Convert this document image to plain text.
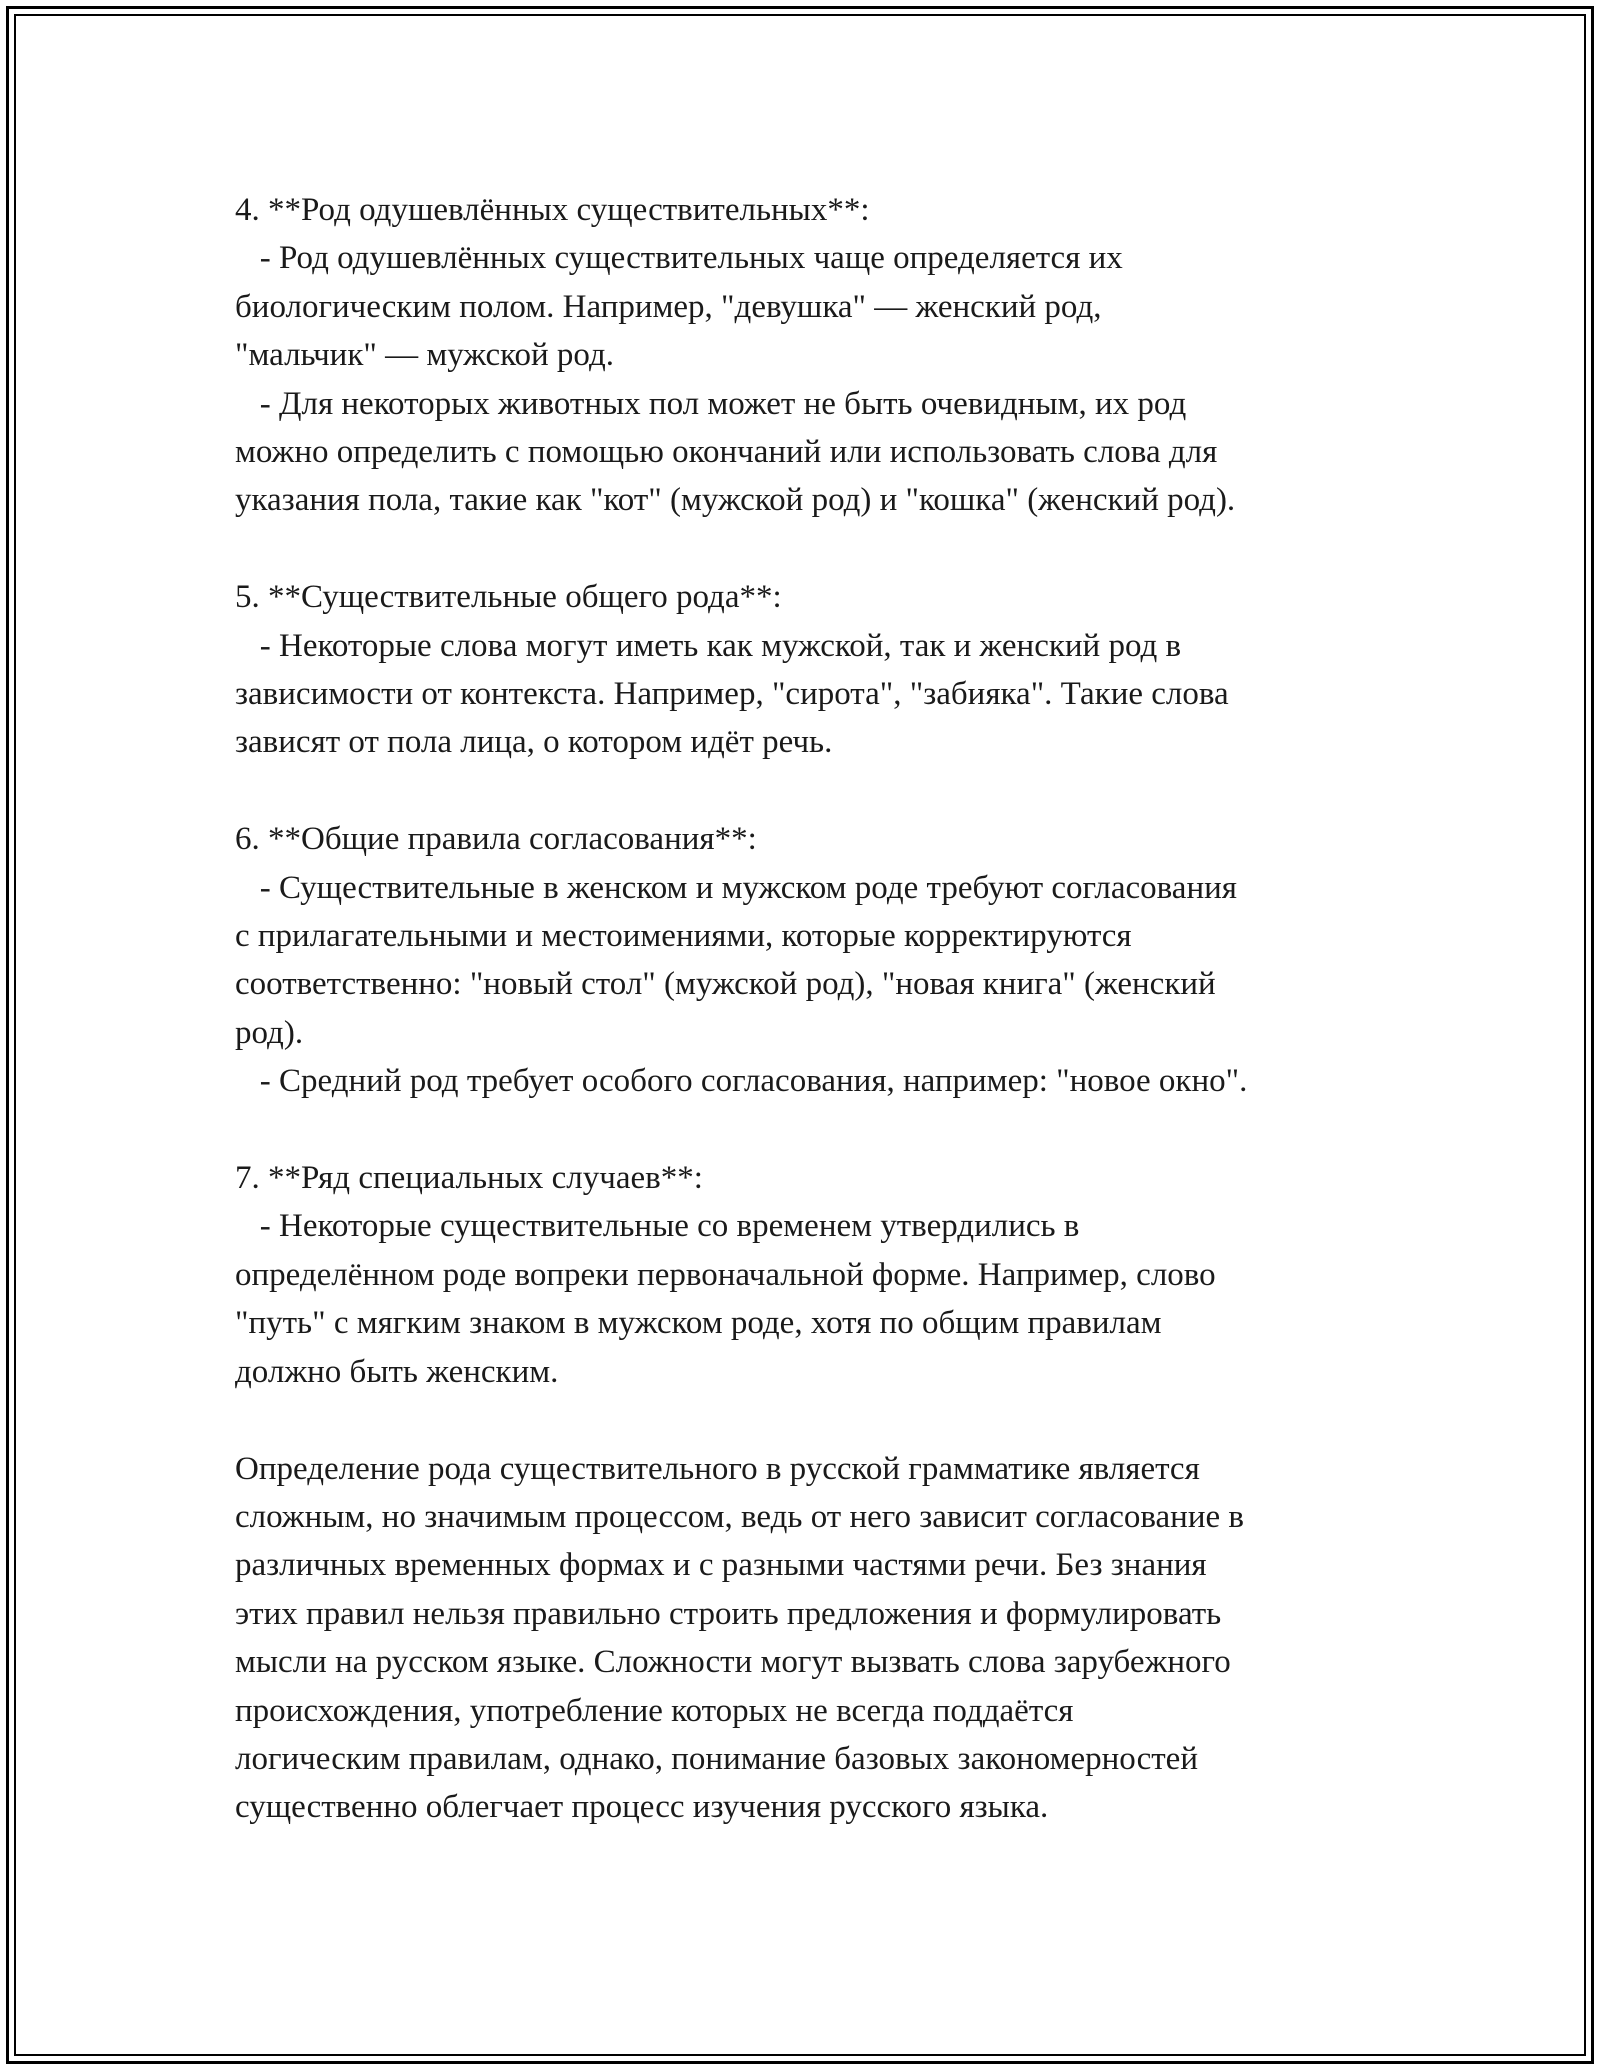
4. **Род одушевлённых существительных**:
- Род одушевлённых существительных чаще определяется их
биологическим полом. Например, "девушка" — женский род,
"мальчик" — мужской род.
- Для некоторых животных пол может не быть очевидным, их род
можно определить с помощью окончаний или использовать слова для
указания пола, такие как "кот" (мужской род) и "кошка" (женский род).
5. **Существительные общего рода**:
- Некоторые слова могут иметь как мужской, так и женский род в
зависимости от контекста. Например, "сирота", "забияка". Такие слова
зависят от пола лица, о котором идёт речь.
6. **Общие правила согласования**:
- Существительные в женском и мужском роде требуют согласования
с прилагательными и местоимениями, которые корректируются
соответственно: "новый стол" (мужской род), "новая книга" (женский
род).
- Средний род требует особого согласования, например: "новое окно".
7. **Ряд специальных случаев**:
- Некоторые существительные со временем утвердились в
определённом роде вопреки первоначальной форме. Например, слово
"путь" с мягким знаком в мужском роде, хотя по общим правилам
должно быть женским.
Определение рода существительного в русской грамматике является
сложным, но значимым процессом, ведь от него зависит согласование в
различных временных формах и с разными частями речи. Без знания
этих правил нельзя правильно строить предложения и формулировать
мысли на русском языке. Сложности могут вызвать слова зарубежного
происхождения, употребление которых не всегда поддаётся
логическим правилам, однако, понимание базовых закономерностей
существенно облегчает процесс изучения русского языка.
